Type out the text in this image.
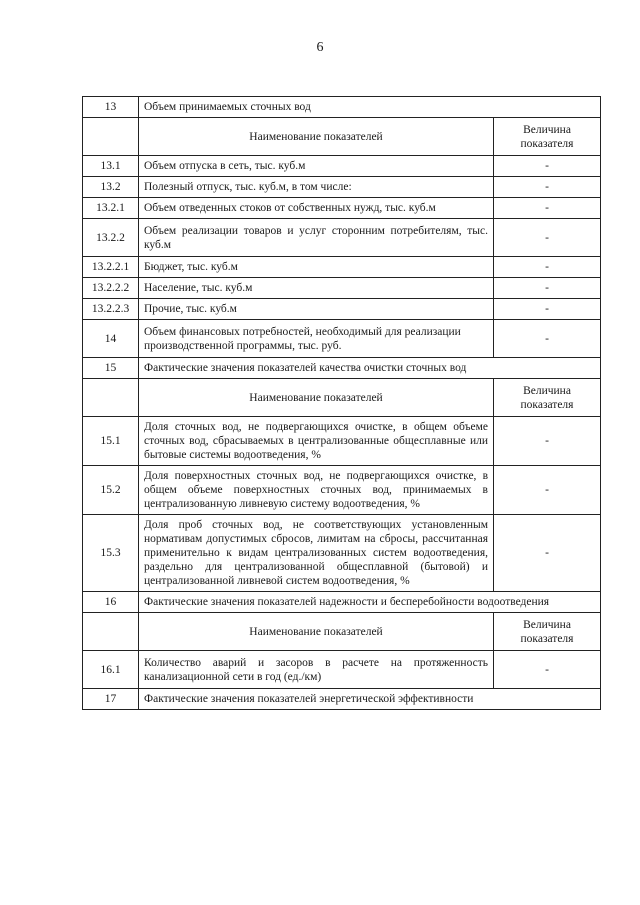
6
13	Объем принимаемых сточных вод	
	Наименование показателей	Величина показателя
13.1	Объем отпуска в сеть, тыс. куб.м	-
13.2	Полезный отпуск, тыс. куб.м, в том числе:	-
13.2.1	Объем отведенных стоков от собственных нужд, тыс. куб.м	-
13.2.2	Объем реализации товаров и услуг сторонним потребителям, тыс. куб.м	-
13.2.2.1	Бюджет, тыс. куб.м	-
13.2.2.2	Население, тыс. куб.м	-
13.2.2.3	Прочие, тыс. куб.м	-
14	Объем финансовых потребностей, необходимый для реализации производственной программы, тыс. руб.	-
15	Фактические значения показателей качества очистки сточных вод	
	Наименование показателей	Величина показателя
15.1	Доля сточных вод, не подвергающихся очистке, в общем объеме сточных вод, сбрасываемых в централизованные общесплавные или бытовые системы водоотведения, %	-
15.2	Доля поверхностных сточных вод, не подвергающихся очистке, в общем объеме поверхностных сточных вод, принимаемых в централизованную ливневую систему водоотведения, %	-
15.3	Доля проб сточных вод, не соответствующих установленным нормативам допустимых сбросов, лимитам на сбросы, рассчитанная применительно к видам централизованных систем водоотведения, раздельно для централизованной общесплавной (бытовой) и централизованной ливневой систем водоотведения, %	-
16	Фактические значения показателей надежности и бесперебойности водоотведения	
	Наименование показателей	Величина показателя
16.1	Количество аварий и засоров в расчете на протяженность канализационной сети в год (ед./км)	-
17	Фактические значения показателей энергетической эффективности	
